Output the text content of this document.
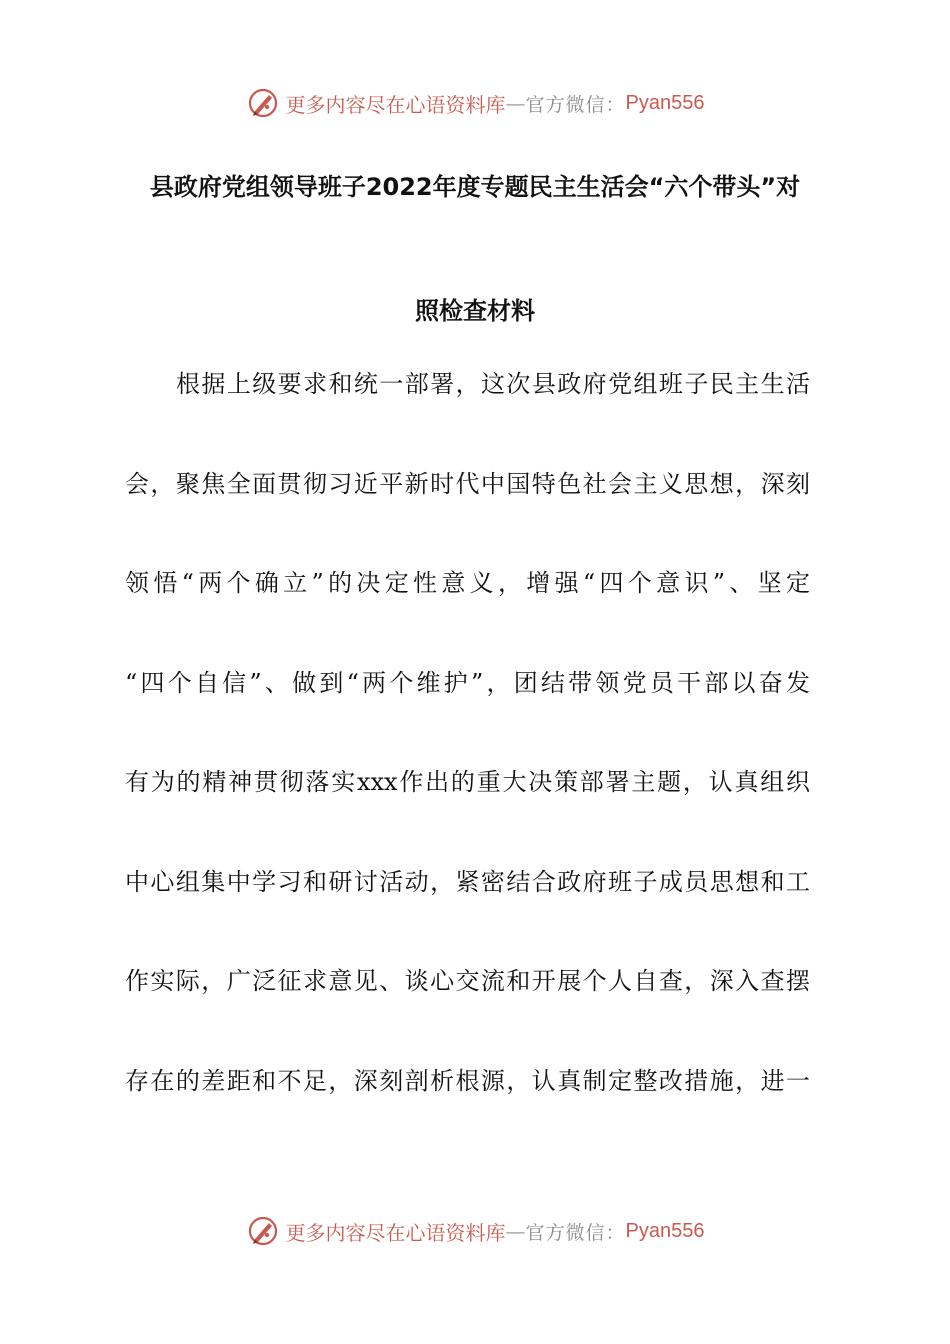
更多内容尽在心语资料库 — 官方微信： Pyan556
县政府党组领导班子2022年度专题民主生活会“六个带头”对
照检查材料
根据上级要求和统一部署，这次县政府党组班子民主生活
会，聚焦全面贯彻习近平新时代中国特色社会主义思想，深刻
领悟“两个确立”的决定性意义，增强“四个意识”、坚定
“四个自信”、做到“两个维护”，团结带领党员干部以奋发
有为的精神贯彻落实xxx作出的重大决策部署主题，认真组织
中心组集中学习和研讨活动，紧密结合政府班子成员思想和工
作实际，广泛征求意见、谈心交流和开展个人自查，深入查摆
存在的差距和不足，深刻剖析根源，认真制定整改措施，进一
更多内容尽在心语资料库 — 官方微信： Pyan556
